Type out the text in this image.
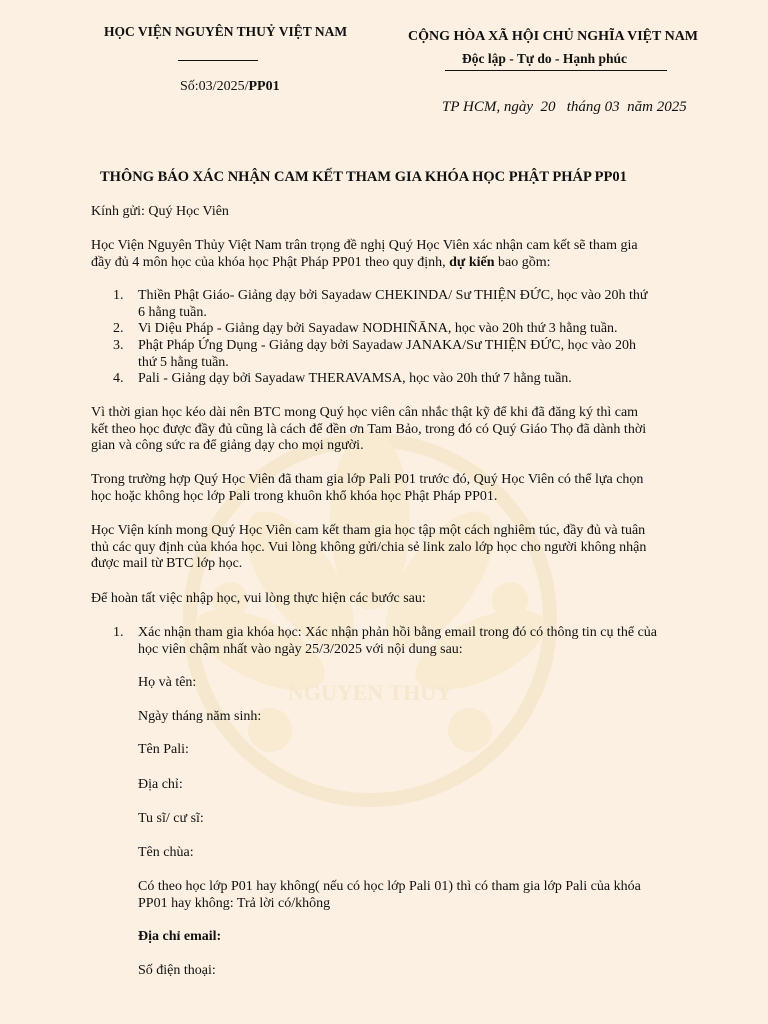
NGUYEN THUY
HỌC VIỆN NGUYÊN THUỶ VIỆT NAM
Số:03/2025/PP01
CỘNG HÒA XÃ HỘI CHỦ NGHĨA VIỆT NAM
Độc lập - Tự do - Hạnh phúc
TP HCM, ngày  20   tháng 03  năm 2025
THÔNG BÁO XÁC NHẬN CAM KẾT THAM GIA KHÓA HỌC PHẬT PHÁP PP01
Kính gửi: Quý Học Viên
Học Viện Nguyên Thủy Việt Nam trân trọng đề nghị Quý Học Viên xác nhận cam kết sẽ tham gia
đầy đủ 4 môn học của khóa học Phật Pháp PP01 theo quy định, dự kiến bao gồm:
1. Thiền Phật Giáo- Giảng dạy bởi Sayadaw CHEKINDA/ Sư THIỆN ĐỨC, học vào 20h thứ
6 hằng tuần.
2. Vi Diệu Pháp - Giảng dạy bởi Sayadaw NODHIÑĀNA, học vào 20h thứ 3 hằng tuần.
3. Phật Pháp Ứng Dụng - Giảng dạy bởi Sayadaw JANAKA/Sư THIỆN ĐỨC, học vào 20h
thứ 5 hằng tuần.
4. Pali - Giảng dạy bởi Sayadaw THERAVAMSA, học vào 20h thứ 7 hằng tuần.
Vì thời gian học kéo dài nên BTC mong Quý học viên cân nhắc thật kỹ để khi đã đăng ký thì cam
kết theo học được đầy đủ cũng là cách để đền ơn Tam Bảo, trong đó có Quý Giáo Thọ đã dành thời
gian và công sức ra để giảng dạy cho mọi người.
Trong trường hợp Quý Học Viên đã tham gia lớp Pali P01 trước đó, Quý Học Viên có thể lựa chọn
học hoặc không học lớp Pali trong khuôn khổ khóa học Phật Pháp PP01.
Học Viện kính mong Quý Học Viên cam kết tham gia học tập một cách nghiêm túc, đầy đủ và tuân
thủ các quy định của khóa học. Vui lòng không gửi/chia sẻ link zalo lớp học cho người không nhận
được mail từ BTC lớp học.
Để hoàn tất việc nhập học, vui lòng thực hiện các bước sau:
1. Xác nhận tham gia khóa học: Xác nhận phản hồi bằng email trong đó có thông tin cụ thể của
học viên chậm nhất vào ngày 25/3/2025 với nội dung sau:
Họ và tên:
Ngày tháng năm sinh:
Tên Pali:
Địa chỉ:
Tu sĩ/ cư sĩ:
Tên chùa:
Có theo học lớp P01 hay không( nếu có học lớp Pali 01) thì có tham gia lớp Pali của khóa
PP01 hay không: Trả lời có/không
Địa chỉ email:
Số điện thoại:
